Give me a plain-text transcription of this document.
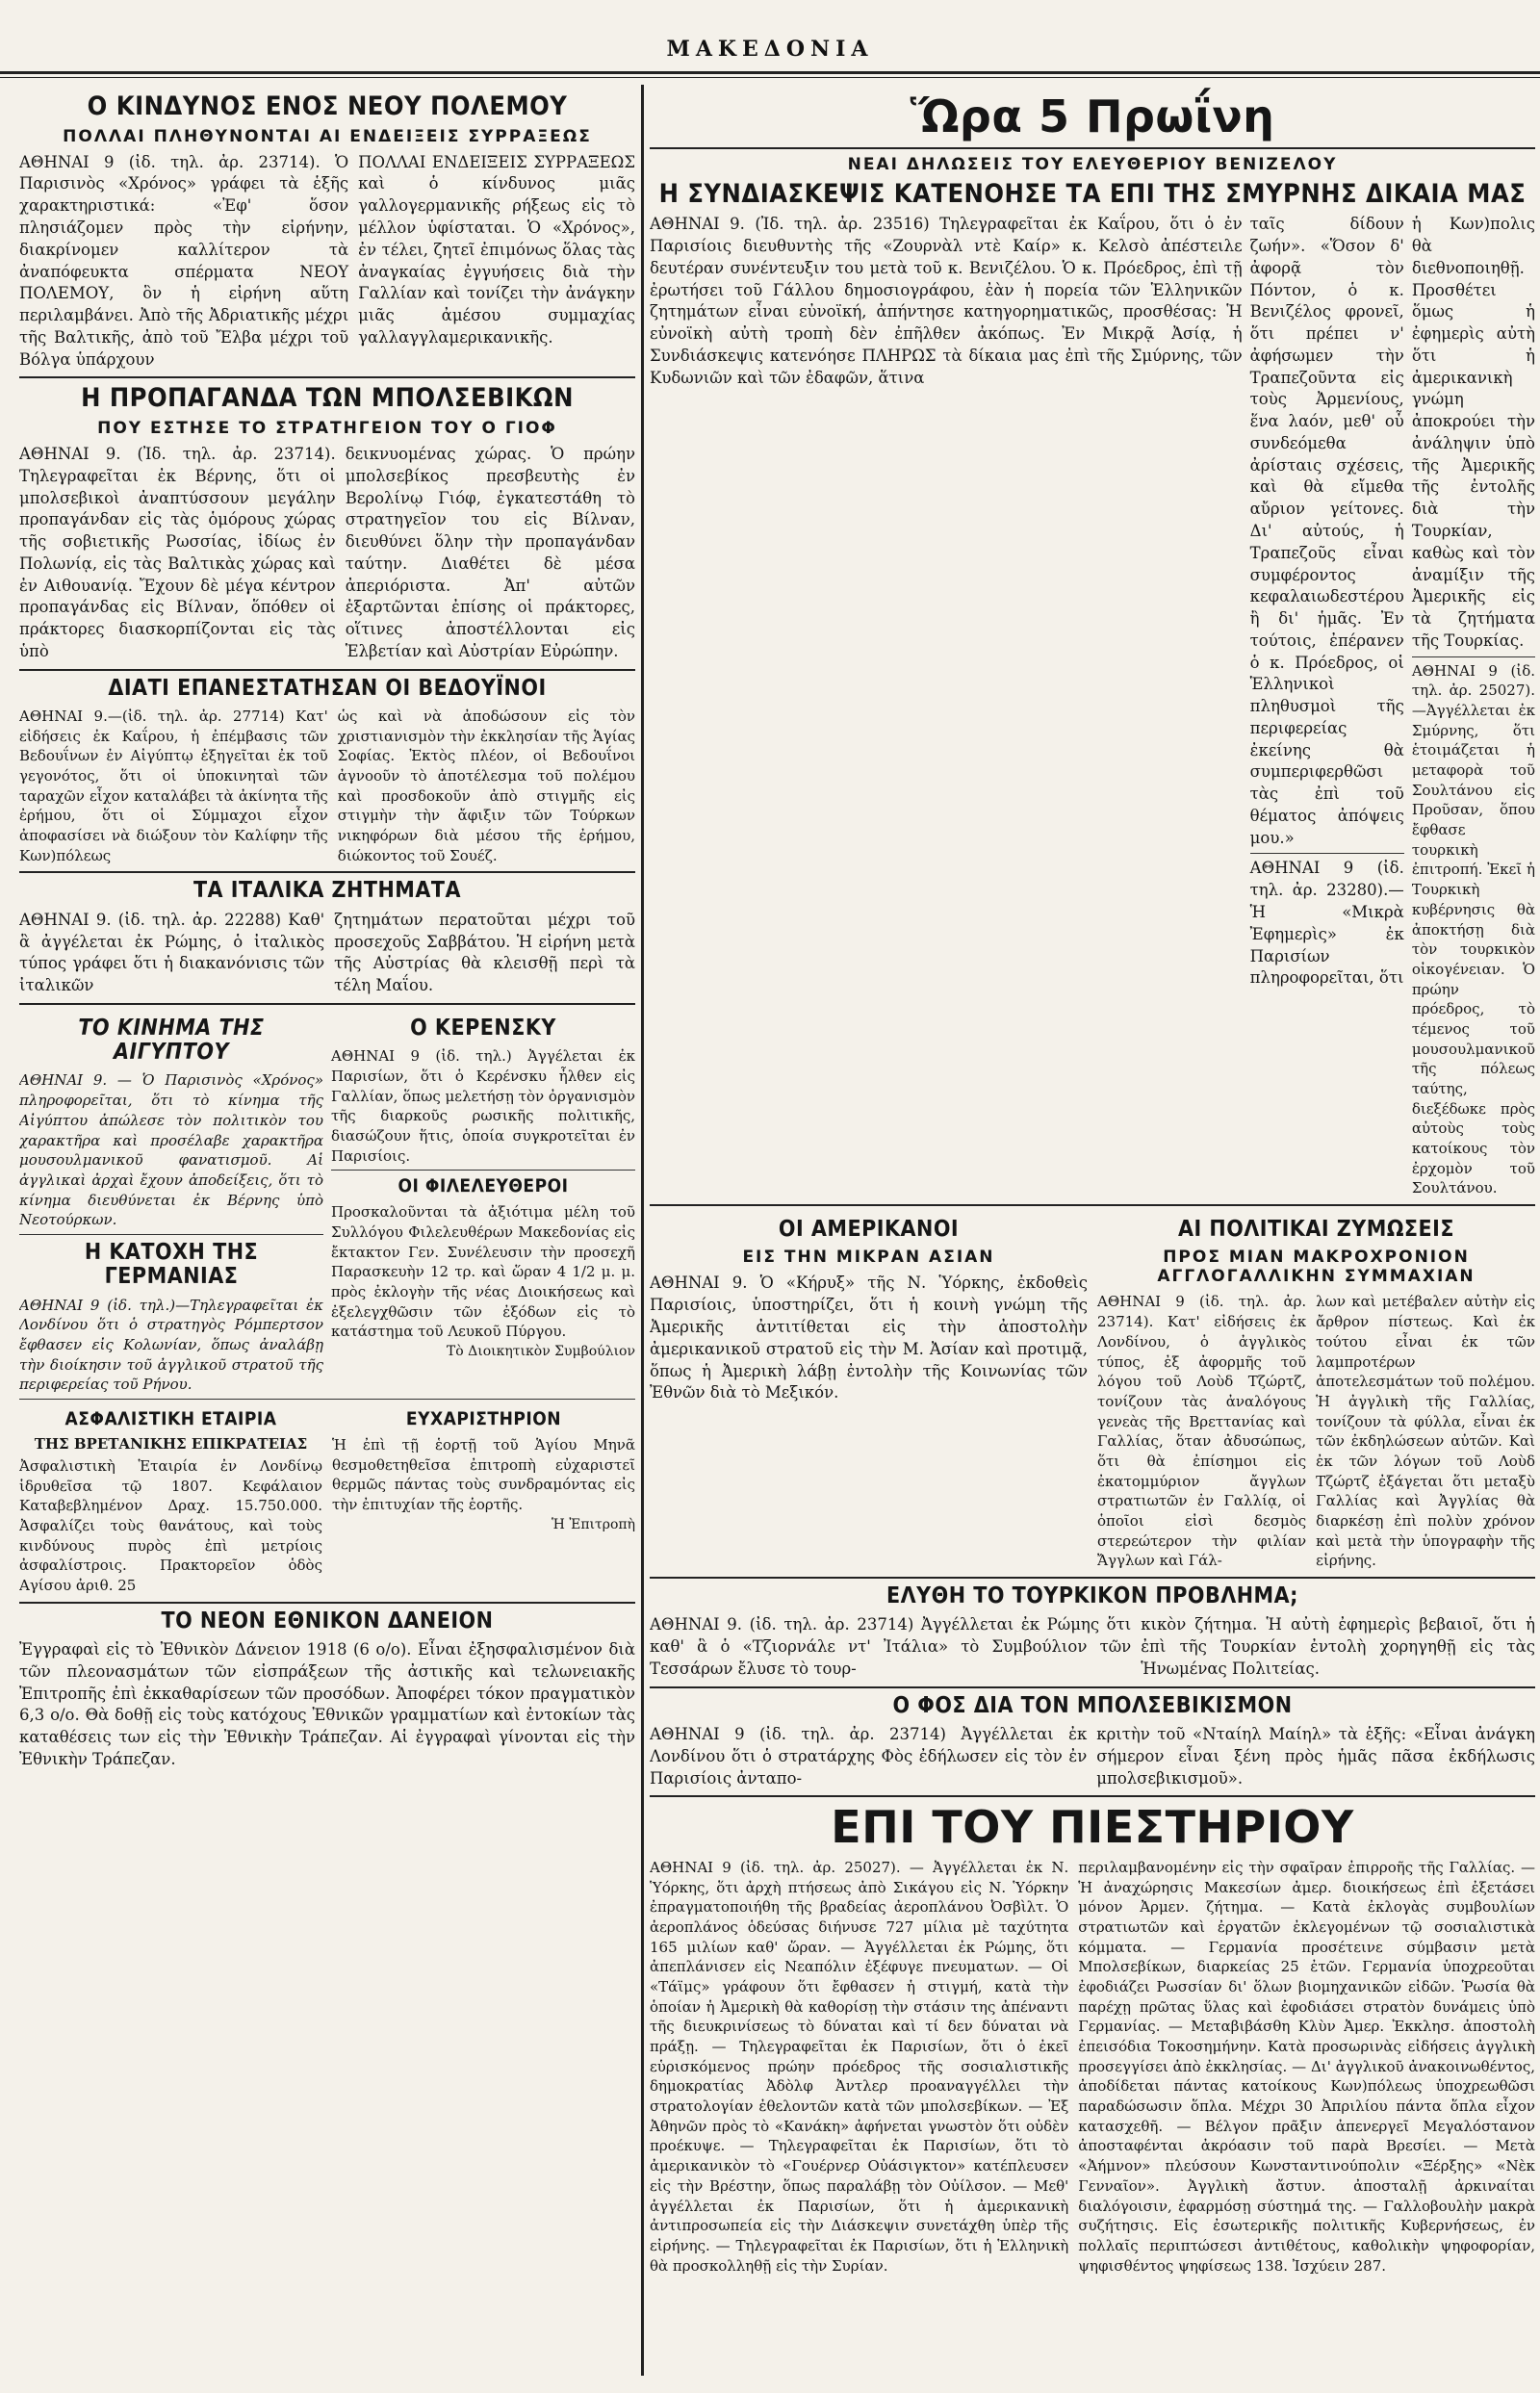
ΜΑΚΕΔΟΝΙΑ
Ο ΚΙΝΔΥΝΟΣ ΕΝΟΣ ΝΕΟΥ ΠΟΛΕΜΟΥ
ΠΟΛΛΑΙ ΠΛΗΘΥΝΟΝΤΑΙ ΑΙ ΕΝΔΕΙΞΕΙΣ ΣΥΡΡΑΞΕΩΣ

ΑΘΗΝΑΙ 9 (ἰδ. τηλ. ἀρ. 23714). Ὁ Παρισινὸς «Χρόνος» γράφει τὰ ἑξῆς χαρακτηριστικά: «Ἐφ' ὅσον πλησιάζομεν πρὸς τὴν εἰρήνην, διακρίνομεν καλλίτερον τὰ ἀναπόφευκτα σπέρματα ΝΕΟΥ ΠΟΛΕΜΟΥ, ὃν ἡ εἰρήνη αὕτη περιλαμβάνει. Ἀπὸ τῆς Ἀδριατικῆς μέχρι τῆς Βαλτικῆς, ἀπὸ τοῦ Ἔλβα μέχρι τοῦ Βόλγα ὑπάρχουν

ΠΟΛΛΑΙ ΕΝΔΕΙΞΕΙΣ ΣΥΡΡΑΞΕΩΣ καὶ ὁ κίνδυνος μιᾶς γαλλογερμανικῆς ρήξεως εἰς τὸ μέλλον ὑφίσταται. Ὁ «Χρόνος», ἐν τέλει, ζητεῖ ἐπιμόνως ὅλας τὰς ἀναγκαίας ἐγγυήσεις διὰ τὴν Γαλλίαν καὶ τονίζει τὴν ἀνάγκην μιᾶς ἀμέσου συμμαχίας γαλλαγγλαμερικανικῆς.

Η ΠΡΟΠΑΓΑΝΔΑ ΤΩΝ ΜΠΟΛΣΕΒΙΚΩΝ
ΠΟΥ ΕΣΤΗΣΕ ΤΟ ΣΤΡΑΤΗΓΕΙΟΝ ΤΟΥ Ο ΓΙΟΦ

ΑΘΗΝΑΙ 9. (Ἰδ. τηλ. ἀρ. 23714). Τηλεγραφεῖται ἐκ Βέρνης, ὅτι οἱ μπολσεβικοὶ ἀναπτύσσουν μεγάλην προπαγάνδαν εἰς τὰς ὁμόρους χώρας τῆς σοβιετικῆς Ρωσσίας, ἰδίως ἐν Πολωνίᾳ, εἰς τὰς Βαλτικὰς χώρας καὶ ἐν Αιθουανίᾳ. Ἔχουν δὲ μέγα κέντρον προπαγάνδας εἰς Βίλναν, ὅπόθεν οἱ πράκτορες διασκορπίζονται εἰς τὰς ὑπὸ

δεικνυομένας χώρας. Ὁ πρώην μπολσεβίκος πρεσβευτὴς ἐν Βερολίνῳ Γιόφ, ἐγκατεστάθη τὸ στρατηγεῖον του εἰς Βίλναν, διευθύνει ὅλην τὴν προπαγάνδαν ταύτην. Διαθέτει δὲ μέσα ἀπεριόριστα. Ἀπ' αὐτῶν ἐξαρτῶνται ἐπίσης οἱ πράκτορες, οἵτινες ἀποστέλλονται εἰς Ἑλβετίαν καὶ Αὐστρίαν Εὐρώπην.

ΔΙΑΤΙ ΕΠΑΝΕΣΤΑΤΗΣΑΝ ΟΙ ΒΕΔΟΥΪΝΟΙ

ΑΘΗΝΑΙ 9.—(ἰδ. τηλ. ἀρ. 27714) Κατ' εἰδήσεις ἐκ Καΐρου, ἡ ἐπέμβασις τῶν Βεδουΐνων ἐν Αἰγύπτῳ ἐξηγεῖται ἐκ τοῦ γεγονότος, ὅτι οἱ ὑποκινηταὶ τῶν ταραχῶν εἶχον καταλάβει τὰ ἀκίνητα τῆς ἐρήμου, ὅτι οἱ Σύμμαχοι εἶχον ἀποφασίσει νὰ διώξουν τὸν Καλίφην τῆς Κων)πόλεως

ὡς καὶ νὰ ἀποδώσουν εἰς τὸν χριστιανισμὸν τὴν ἐκκλησίαν τῆς Ἁγίας Σοφίας. Ἐκτὸς πλέον, οἱ Βεδουΐνοι ἀγνοοῦν τὸ ἀποτέλεσμα τοῦ πολέμου καὶ προσδοκοῦν ἀπὸ στιγμῆς εἰς στιγμὴν τὴν ἄφιξιν τῶν Τούρκων νικηφόρων διὰ μέσου τῆς ἐρήμου, διώκοντος τοῦ Σουέζ.

ΤΑ ΙΤΑΛΙΚΑ ΖΗΤΗΜΑΤΑ

ΑΘΗΝΑΙ 9. (ἰδ. τηλ. ἀρ. 22288) Καθ' ἃ ἀγγέλεται ἐκ Ρώμης, ὁ ἰταλικὸς τύπος γράφει ὅτι ἡ διακανόνισις τῶν ἰταλικῶν

ζητημάτων περατοῦται μέχρι τοῦ προσεχοῦς Σαββάτου. Ἡ εἰρήνη μετὰ τῆς Αὐστρίας θὰ κλεισθῇ περὶ τὰ τέλη Μαΐου.

ΤΟ ΚΙΝΗΜΑ ΤΗΣ ΑΙΓΥΠΤΟΥ

ΑΘΗΝΑΙ 9. — Ὁ Παρισινὸς «Χρόνος» πληροφορεῖται, ὅτι τὸ κίνημα τῆς Αἰγύπτου ἀπώλεσε τὸν πολιτικὸν του χαρακτῆρα καὶ προσέλαβε χαρακτῆρα μουσουλμανικοῦ φανατισμοῦ. Αἱ ἀγγλικαὶ ἀρχαὶ ἔχουν ἀποδείξεις, ὅτι τὸ κίνημα διευθύνεται ἐκ Βέρνης ὑπὸ Νεοτούρκων.

Η ΚΑΤΟΧΗ ΤΗΣ ΓΕΡΜΑΝΙΑΣ

ΑΘΗΝΑΙ 9 (ἰδ. τηλ.)—Τηλεγραφεῖται ἐκ Λονδίνου ὅτι ὁ στρατηγὸς Ρόμπερτσον ἔφθασεν εἰς Κολωνίαν, ὅπως ἀναλάβῃ τὴν διοίκησιν τοῦ ἀγγλικοῦ στρατοῦ τῆς περιφερείας τοῦ Ρήνου.

Ο ΚΕΡΕΝΣΚΥ

ΑΘΗΝΑΙ 9 (ἰδ. τηλ.) Ἀγγέλεται ἐκ Παρισίων, ὅτι ὁ Κερένσκυ ἦλθεν εἰς Γαλλίαν, ὅπως μελετήσῃ τὸν ὀργανισμὸν τῆς διαρκοῦς ρωσικῆς πολιτικῆς, διασώζουν ἥτις, ὁποία συγκροτεῖται ἐν Παρισίοις.

ΟΙ ΦΙΛΕΛΕΥΘΕΡΟΙ

Προσκαλοῦνται τὰ ἀξιότιμα μέλη τοῦ Συλλόγου Φιλελευθέρων Μακεδονίας εἰς ἔκτακτον Γεν. Συνέλευσιν τὴν προσεχῆ Παρασκευὴν 12 τρ. καὶ ὥραν 4 1/2 μ. μ. πρὸς ἐκλογὴν τῆς νέας Διοικήσεως καὶ ἐξελεγχθῶσιν τῶν ἐξόδων εἰς τὸ κατάστημα τοῦ Λευκοῦ Πύργου.

Τὸ Διοικητικὸν Συμβούλιον
ΑΣΦΑΛΙΣΤΙΚΗ ΕΤΑΙΡΙΑ
ΤΗΣ ΒΡΕΤΑΝΙΚΗΣ ΕΠΙΚΡΑΤΕΙΑΣ

Ἀσφαλιστικὴ Ἑταιρία ἐν Λονδίνῳ ἱδρυθεῖσα τῷ 1807. Κεφάλαιον Καταβεβλημένον Δραχ. 15.750.000. Ἀσφαλίζει τοὺς θανάτους, καὶ τοὺς κινδύνους πυρὸς ἐπὶ μετρίοις ἀσφαλίστροις. Πρακτορεῖον ὁδὸς Αγίσου ἀριθ. 25

ΕΥΧΑΡΙΣΤΗΡΙΟΝ

Ἡ ἐπὶ τῇ ἑορτῇ τοῦ Ἁγίου Μηνᾶ θεσμοθετηθεῖσα ἐπιτροπὴ εὐχαριστεῖ θερμῶς πάντας τοὺς συνδραμόντας εἰς τὴν ἐπιτυχίαν τῆς ἑορτῆς.

Ἡ Ἐπιτροπὴ
ΤΟ ΝΕΟΝ ΕΘΝΙΚΟΝ ΔΑΝΕΙΟΝ

Ἐγγραφαὶ εἰς τὸ Ἐθνικὸν Δάνειον 1918 (6 ο/ο). Εἶναι ἐξησφαλισμένον διὰ τῶν πλεονασμάτων τῶν εἰσπράξεων τῆς ἀστικῆς καὶ τελωνειακῆς Ἐπιτροπῆς ἐπὶ ἐκκαθαρίσεων τῶν προσόδων. Ἀποφέρει τόκον πραγματικὸν 6,3 ο/ο. Θὰ δοθῇ εἰς τοὺς κατόχους Ἐθνικῶν γραμματίων καὶ ἐντοκίων τὰς καταθέσεις των εἰς τὴν Ἐθνικὴν Τράπεζαν. Αἱ ἐγγραφαὶ γίνονται εἰς τὴν Ἐθνικὴν Τράπεζαν.

Ὥρα 5 Πρωΐνη
ΝΕΑΙ ΔΗΛΩΣΕΙΣ ΤΟΥ ΕΛΕΥΘΕΡΙΟΥ ΒΕΝΙΖΕΛΟΥ
Η ΣΥΝΔΙΑΣΚΕΨΙΣ ΚΑΤΕΝΟΗΣΕ ΤΑ ΕΠΙ ΤΗΣ ΣΜΥΡΝΗΣ ΔΙΚΑΙΑ ΜΑΣ

ΑΘΗΝΑΙ 9. (Ἰδ. τηλ. ἀρ. 23516) Τηλεγραφεῖται ἐκ Καΐρου, ὅτι ὁ ἐν Παρισίοις διευθυντὴς τῆς «Ζουρνὰλ ντὲ Καίρ» κ. Κελσὸ ἀπέστειλε δευτέραν συνέντευξιν του μετὰ τοῦ κ. Βενιζέλου. Ὁ κ. Πρόεδρος, ἐπὶ τῇ ἐρωτήσει τοῦ Γάλλου δημοσιογράφου, ἐὰν ἡ πορεία τῶν Ἑλληνικῶν ζητημάτων εἶναι εὐνοϊκή, ἀπήντησε κατηγορηματικῶς, προσθέσας: Ἡ εὐνοϊκὴ αὐτὴ τροπὴ δὲν ἐπῆλθεν ἀκόπως. Ἐν Μικρᾷ Ἀσίᾳ, ἡ Συνδιάσκεψις κατενόησε ΠΛΗΡΩΣ τὰ δίκαια μας ἐπὶ τῆς Σμύρνης, τῶν Κυδωνιῶν καὶ τῶν ἐδαφῶν, ἅτινα

ταῖς δίδουν ζωήν». «Ὅσον δ' ἀφορᾷ τὸν Πόντον, ὁ κ. Βενιζέλος φρονεῖ, ὅτι πρέπει ν' ἀφήσωμεν τὴν Τραπεζοῦντα εἰς τοὺς Ἀρμενίους, ἕνα λαόν, μεθ' οὗ συνδεόμεθα ἀρίσταις σχέσεις, καὶ θὰ εἴμεθα αὔριον γείτονες. Δι' αὐτούς, ἡ Τραπεζοῦς εἶναι συμφέροντος κεφαλαιωδεστέρου ἢ δι' ἡμᾶς. Ἐν τούτοις, ἐπέρανεν ὁ κ. Πρόεδρος, οἱ Ἑλληνικοὶ πληθυσμοὶ τῆς περιφερείας ἐκείνης θὰ συμπεριφερθῶσι τὰς ἐπὶ τοῦ θέματος ἀπόψεις μου.»

ΑΘΗΝΑΙ 9 (ἰδ. τηλ. ἀρ. 23280).—Ἡ «Μικρὰ Ἐφημερὶς» ἐκ Παρισίων πληροφορεῖται, ὅτι

ἡ Κων)πολις θὰ διεθνοποιηθῇ. Προσθέτει ὅμως ἡ ἐφημερὶς αὐτὴ ὅτι ἡ ἀμερικανικὴ γνώμη ἀποκρούει τὴν ἀνάληψιν ὑπὸ τῆς Ἀμερικῆς τῆς ἐντολῆς διὰ τὴν Τουρκίαν, καθὼς καὶ τὸν ἀναμίξιν τῆς Ἀμερικῆς εἰς τὰ ζητήματα τῆς Τουρκίας.

ΑΘΗΝΑΙ 9 (ἰδ. τηλ. ἀρ. 25027).—Ἀγγέλλεται ἐκ Σμύρνης, ὅτι ἑτοιμάζεται ἡ μεταφορὰ τοῦ Σουλτάνου εἰς Προῦσαν, ὅπου ἔφθασε τουρκικὴ ἐπιτροπή. Ἐκεῖ ἡ Τουρκικὴ κυβέρνησις θὰ ἀποκτήσῃ διὰ τὸν τουρκικὸν οἰκογένειαν. Ὁ πρώην πρόεδρος, τὸ τέμενος τοῦ μουσουλμανικοῦ τῆς πόλεως ταύτης, διεξέδωκε πρὸς αὐτοὺς τοὺς κατοίκους τὸν ἐρχομὸν τοῦ Σουλτάνου.

ΟΙ ΑΜΕΡΙΚΑΝΟΙ
ΕΙΣ ΤΗΝ ΜΙΚΡΑΝ ΑΣΙΑΝ

ΑΘΗΝΑΙ 9. Ὁ «Κήρυξ» τῆς Ν. Ὑόρκης, ἐκδοθεὶς Παρισίοις, ὑποστηρίζει, ὅτι ἡ κοινὴ γνώμη τῆς Ἀμερικῆς ἀντιτίθεται εἰς τὴν ἀποστολὴν ἀμερικανικοῦ στρατοῦ εἰς τὴν Μ. Ἀσίαν καὶ προτιμᾷ, ὅπως ἡ Ἀμερικὴ λάβῃ ἐντολὴν τῆς Κοινωνίας τῶν Ἐθνῶν διὰ τὸ Μεξικόν.

ΑΙ ΠΟΛΙΤΙΚΑΙ ΖΥΜΩΣΕΙΣ
ΠΡΟΣ ΜΙΑΝ ΜΑΚΡΟΧΡΟΝΙΟΝ ΑΓΓΛΟΓΑΛΛΙΚΗΝ ΣΥΜΜΑΧΙΑΝ

ΑΘΗΝΑΙ 9 (ἰδ. τηλ. ἀρ. 23714). Κατ' εἰδήσεις ἐκ Λονδίνου, ὁ ἀγγλικὸς τύπος, ἐξ ἀφορμῆς τοῦ λόγου τοῦ Λοὺδ Τζώρτζ, τονίζουν τὰς ἀναλόγους γενεὰς τῆς Βρεττανίας καὶ Γαλλίας, ὅταν ἀδυσώπως, ὅτι θὰ ἐπίσημοι εἰς ἐκατομμύριον ἄγγλων στρατιωτῶν ἐν Γαλλίᾳ, οἱ ὁποῖοι εἰσὶ δεσμὸς στερεώτερον τὴν φιλίαν Ἄγγλων καὶ Γάλ-

λων καὶ μετέβαλεν αὐτὴν εἰς ἄρθρον πίστεως. Καὶ ἐκ τούτου εἶναι ἐκ τῶν λαμπροτέρων ἀποτελεσμάτων τοῦ πολέμου. Ἡ ἀγγλικὴ τῆς Γαλλίας, τονίζουν τὰ φύλλα, εἶναι ἐκ τῶν ἐκδηλώσεων αὐτῶν. Καὶ ἐκ τῶν λόγων τοῦ Λοὺδ Τζώρτζ ἐξάγεται ὅτι μεταξὺ Γαλλίας καὶ Ἀγγλίας θὰ διαρκέσῃ ἐπὶ πολὺν χρόνον καὶ μετὰ τὴν ὑπογραφὴν τῆς εἰρήνης.

ΕΛΥΘΗ ΤΟ ΤΟΥΡΚΙΚΟΝ ΠΡΟΒΛΗΜΑ;

ΑΘΗΝΑΙ 9. (ἰδ. τηλ. ἀρ. 23714) Ἀγγέλλεται ἐκ Ρώμης ὅτι καθ' ἃ ὁ «Τζιορνάλε ντ' Ἰτάλια» τὸ Συμβούλιον τῶν Τεσσάρων ἔλυσε τὸ τουρ-

κικὸν ζήτημα. Ἡ αὐτὴ ἐφημερὶς βεβαιοῖ, ὅτι ἡ ἐπὶ τῆς Τουρκίαν ἐντολὴ χορηγηθῇ εἰς τὰς Ἡνωμένας Πολιτείας.

Ο ΦΟΣ ΔΙΑ ΤΟΝ ΜΠΟΛΣΕΒΙΚΙΣΜΟΝ

ΑΘΗΝΑΙ 9 (ἰδ. τηλ. ἀρ. 23714) Ἀγγέλλεται ἐκ Λονδίνου ὅτι ὁ στρατάρχης Φὸς ἐδήλωσεν εἰς τὸν ἐν Παρισίοις ἀνταπο-

κριτὴν τοῦ «Νταίηλ Μαίηλ» τὰ ἑξῆς: «Εἶναι ἀνάγκη σήμερον εἶναι ξένη πρὸς ἡμᾶς πᾶσα ἐκδήλωσις μπολσεβικισμοῦ».

ΕΠΙ ΤΟΥ ΠΙΕΣΤΗΡΙΟΥ

ΑΘΗΝΑΙ 9 (ἰδ. τηλ. ἀρ. 25027). — Ἀγγέλλεται ἐκ Ν. Ὑόρκης, ὅτι ἀρχὴ πτήσεως ἀπὸ Σικάγου εἰς Ν. Ὑόρκην ἐπραγματοποιήθη τῆς βραδείας ἀεροπλάνου Ὀσβὶλτ. Ὁ ἀεροπλάνος ὁδεύσας διήνυσε 727 μίλια μὲ ταχύτητα 165 μιλίων καθ' ὥραν. — Ἀγγέλλεται ἐκ Ρώμης, ὅτι ἀπεπλάνισεν εἰς Νεαπόλιν ἐξέφυγε πνευματων. — Οἱ «Τάϊμς» γράφουν ὅτι ἔφθασεν ἡ στιγμή, κατὰ τὴν ὁποίαν ἡ Ἀμερικὴ θὰ καθορίσῃ τὴν στάσιν της ἀπέναντι τῆς διευκρινίσεως τὸ δύναται καὶ τί δεν δύναται νὰ πράξῃ. — Τηλεγραφεῖται ἐκ Παρισίων, ὅτι ὁ ἐκεῖ εὑρισκόμενος πρώην πρόεδρος τῆς σοσιαλιστικῆς δημοκρατίας Ἀδὸλφ Ἀντλερ προαναγγέλλει τὴν στρατολογίαν ἐθελοντῶν κατὰ τῶν μπολσεβίκων. — Ἐξ Ἀθηνῶν πρὸς τὸ «Κανάκη» ἀφήνεται γνωστὸν ὅτι οὐδὲν προέκυψε. — Τηλεγραφεῖται ἐκ Παρισίων, ὅτι τὸ ἀμερικανικὸν τὸ «Γουέρνερ Οὐάσιγκτον» κατέπλευσεν εἰς τὴν Βρέστην, ὅπως παραλάβῃ τὸν Οὐίλσον. — Μεθ' ἀγγέλλεται ἐκ Παρισίων, ὅτι ἡ ἀμερικανικὴ ἀντιπροσωπεία εἰς τὴν Διάσκεψιν συνετάχθη ὑπὲρ τῆς εἰρήνης. — Τηλεγραφεῖται ἐκ Παρισίων, ὅτι ἡ Ἑλληνικὴ θὰ προσκολληθῇ εἰς τὴν Συρίαν.

περιλαμβανομένην εἰς τὴν σφαῖραν ἐπιρροῆς τῆς Γαλλίας. — Ἡ ἀναχώρησις Μακεσίων ἀμερ. διοικήσεως ἐπὶ ἐξετάσει μόνον Ἀρμεν. ζήτημα. — Κατὰ ἐκλογὰς συμβουλίων στρατιωτῶν καὶ ἐργατῶν ἐκλεγομένων τῷ σοσιαλιστικὰ κόμματα. — Γερμανία προσέτεινε σύμβασιν μετὰ Μπολσεβίκων, διαρκείας 25 ἐτῶν. Γερμανία ὑποχρεοῦται ἐφοδιάζει Ρωσσίαν δι' ὅλων βιομηχανικῶν εἰδῶν. Ῥωσία θὰ παρέχῃ πρῶτας ὕλας καὶ ἐφοδιάσει στρατὸν δυνάμεις ὑπὸ Γερμανίας. — Μεταβιβάσθη Κλὺν Ἀμερ. Ἐκκλησ. ἀποστολὴ ἐπεισόδια Τοκοσημήνην. Κατὰ προσωρινὰς εἰδήσεις ἀγγλικὴ προσεγγίσει ἀπὸ ἐκκλησίας. — Δι' ἀγγλικοῦ ἀνακοινωθέντος, ἀποδίδεται πάντας κατοίκους Κων)πόλεως ὑποχρεωθῶσι παραδώσωσιν ὅπλα. Μέχρι 30 Ἀπριλίου πάντα ὅπλα εἶχον κατασχεθῆ. — Βέλγον πρᾶξιν ἀπενεργεῖ Μεγαλόστανον ἀποσταφένται ἀκρόασιν τοῦ παρὰ Βρεσίει. — Μετὰ «Ἀήμνον» πλεύσουν Κωνσταντινούπολιν «Ξέρξης» «Νὲκ Γενναῖον». Ἀγγλικὴ ἄστυν. ἀποσταλῇ ἀρκιναίται διαλόγοισιν, ἐφαρμόσῃ σύστημά της. — Γαλλοβουλὴν μακρὰ συζήτησις. Εἰς ἐσωτερικῆς πολιτικῆς Κυβερνήσεως, ἐν πολλαῖς περιπτώσεσι ἀντιθέτους, καθολικὴν ψηφοφορίαν, ψηφισθέντος ψηφίσεως 138. Ἰσχύειν 287.
